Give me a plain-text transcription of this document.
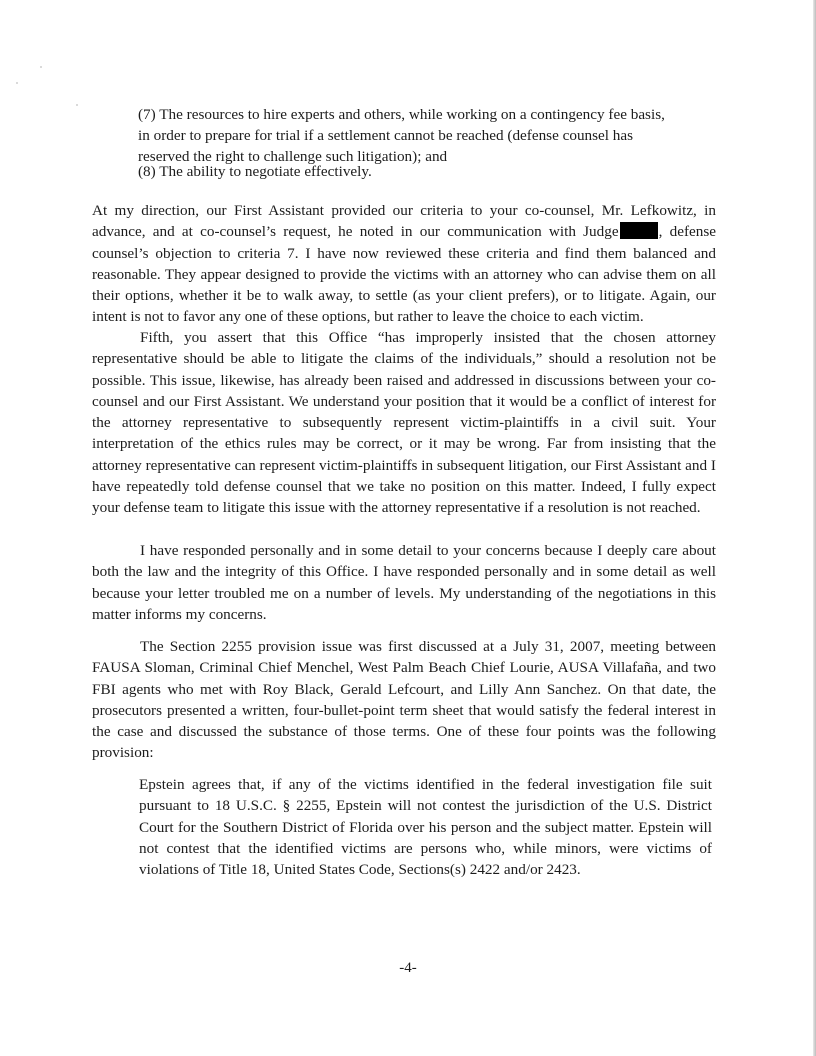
(7) The resources to hire experts and others, while working on a contingency fee basis, in order to prepare for trial if a settlement cannot be reached (defense counsel has reserved the right to challenge such litigation); and
(8) The ability to negotiate effectively.

At my direction, our First Assistant provided our criteria to your co-counsel, Mr. Lefkowitz, in advance, and at co-counsel’s request, he noted in our communication with Judge	, defense counsel’s objection to criteria 7. I have now reviewed these criteria and find them balanced and reasonable. They appear designed to provide the victims with an attorney who can advise them on all their options, whether it be to walk away, to settle (as your client prefers), or to litigate. Again, our intent is not to favor any one of these options, but rather to leave the choice to each victim.

Fifth, you assert that this Office “has improperly insisted that the chosen attorney representative should be able to litigate the claims of the individuals,” should a resolution not be possible. This issue, likewise, has already been raised and addressed in discussions between your co-counsel and our First Assistant. We understand your position that it would be a conflict of interest for the attorney representative to subsequently represent victim-plaintiffs in a civil suit. Your interpretation of the ethics rules may be correct, or it may be wrong. Far from insisting that the attorney representative can represent victim-plaintiffs in subsequent litigation, our First Assistant and I have repeatedly told defense counsel that we take no position on this matter. Indeed, I fully expect your defense team to litigate this issue with the attorney representative if a resolution is not reached.

I have responded personally and in some detail to your concerns because I deeply care about both the law and the integrity of this Office. I have responded personally and in some detail as well because your letter troubled me on a number of levels. My understanding of the negotiations in this matter informs my concerns.

The Section 2255 provision issue was first discussed at a July 31, 2007, meeting between FAUSA Sloman, Criminal Chief Menchel, West Palm Beach Chief Lourie, AUSA Villafaña, and two FBI agents who met with Roy Black, Gerald Lefcourt, and Lilly Ann Sanchez. On that date, the prosecutors presented a written, four-bullet-point term sheet that would satisfy the federal interest in the case and discussed the substance of those terms. One of these four points was the following provision:

Epstein agrees that, if any of the victims identified in the federal investigation file suit pursuant to 18 U.S.C. § 2255, Epstein will not contest the jurisdiction of the U.S. District Court for the Southern District of Florida over his person and the subject matter. Epstein will not contest that the identified victims are persons who, while minors, were victims of violations of Title 18, United States Code, Sections(s) 2422 and/or 2423.

-4-
